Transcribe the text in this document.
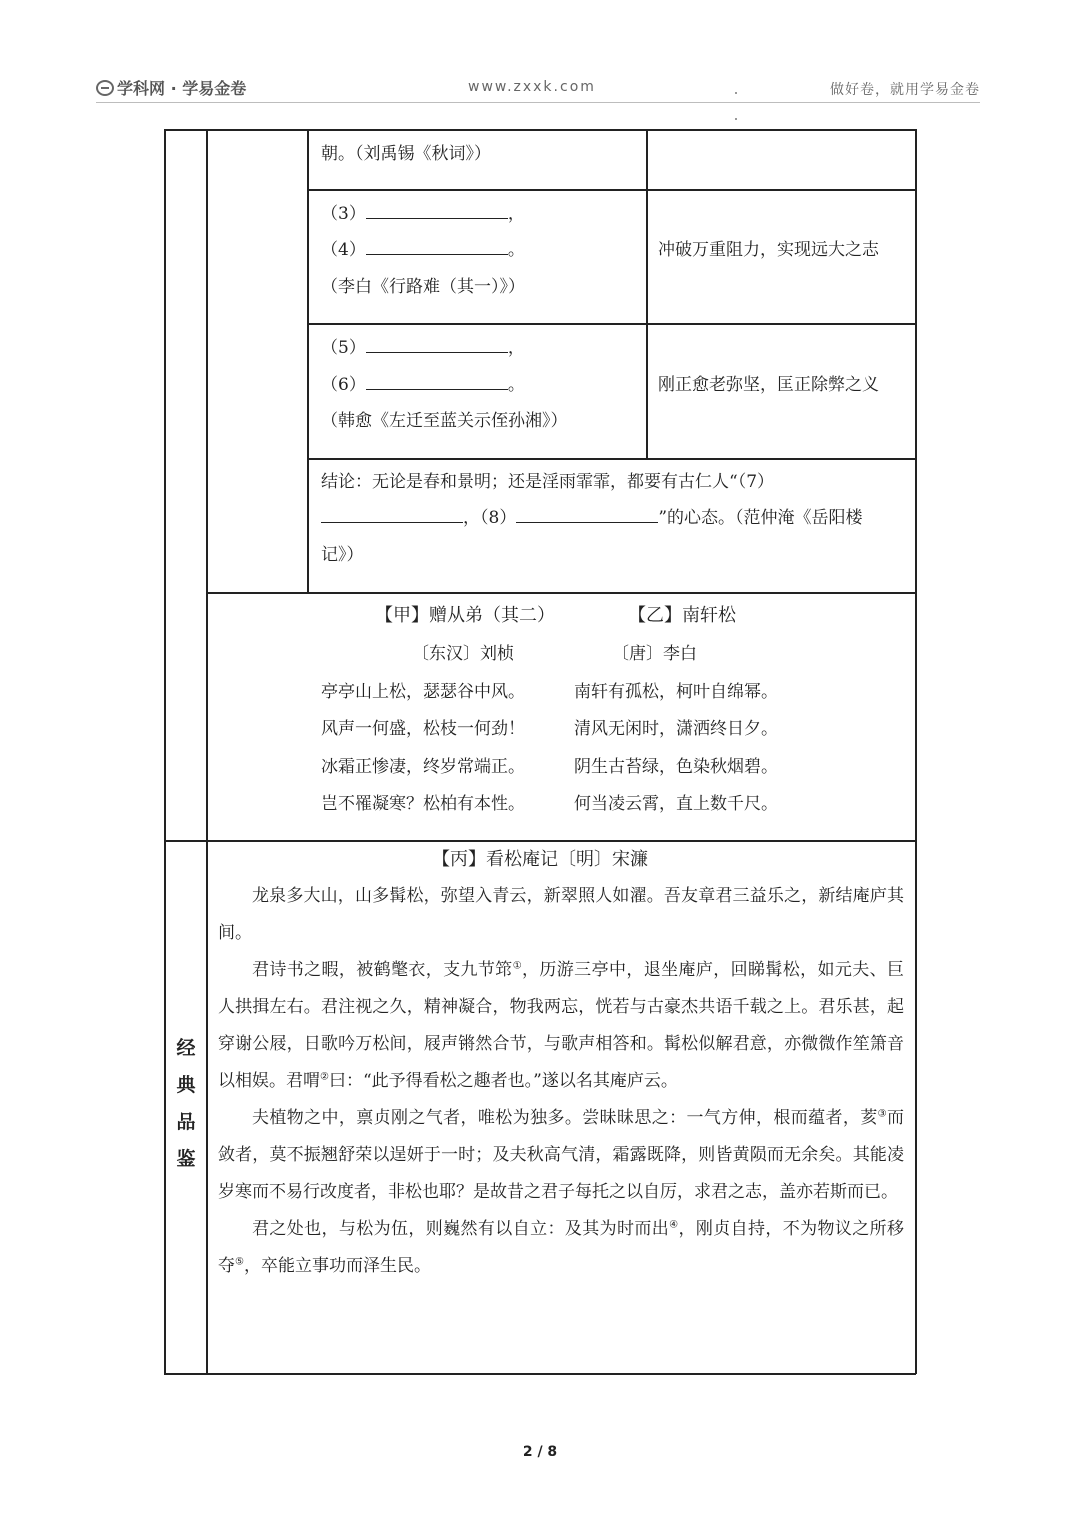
学科网 · 学易金卷	www.zxxk.com	做好卷，就用学易金卷
朝。（刘禹锡《秋词》）
（3）	，
（4）	。
（李白《行路难（其一）》）
冲破万重阻力，实现远大之志
（5）	，
（6）	。
（韩愈《左迁至蓝关示侄孙湘》）
刚正愈老弥坚，匡正除弊之义
结论：无论是春和景明；还是淫雨霏霏，都要有古仁人“（7）
，（8）	”的心态。（范仲淹《岳阳楼
记》）
【甲】赠从弟（其二）	【乙】南轩松
〔东汉〕刘桢	〔唐〕李白
亭亭山上松，瑟瑟谷中风。
风声一何盛，松枝一何劲！
冰霜正惨凄，终岁常端正。
岂不罹凝寒？松柏有本性。
南轩有孤松，柯叶自绵幂。
清风无闲时，潇洒终日夕。
阴生古苔绿，色染秋烟碧。
何当凌云霄，直上数千尺。
经
典
品
鉴
【丙】看松庵记〔明〕宋濂

龙泉多大山，山多髯松，弥望入青云，新翠照人如濯。吾友章君三益乐之，新结庵庐其间。

君诗书之暇，被鹤氅衣，支九节筇①，历游三亭中，退坐庵庐，回睇髯松，如元夫、巨人拱揖左右。君注视之久，精神凝合，物我两忘，恍若与古豪杰共语千载之上。君乐甚，起穿谢公屐，日歌吟万松间，屐声锵然合节，与歌声相答和。髯松似解君意，亦微微作笙箫音以相娱。君喟②曰：“此予得看松之趣者也。”遂以名其庵庐云。

夫植物之中，禀贞刚之气者，唯松为独多。尝昧昧思之：一气方伸，根而蕴者，荄③而敛者，莫不振翘舒荣以逞妍于一时；及夫秋高气清，霜露既降，则皆黄陨而无余矣。其能凌岁寒而不易行改度者，非松也耶？是故昔之君子每托之以自厉，求君之志，盖亦若斯而已。

君之处也，与松为伍，则巍然有以自立：及其为时而出④，刚贞自持，不为物议之所移夺⑤，卒能立事功而泽生民。

2 / 8
